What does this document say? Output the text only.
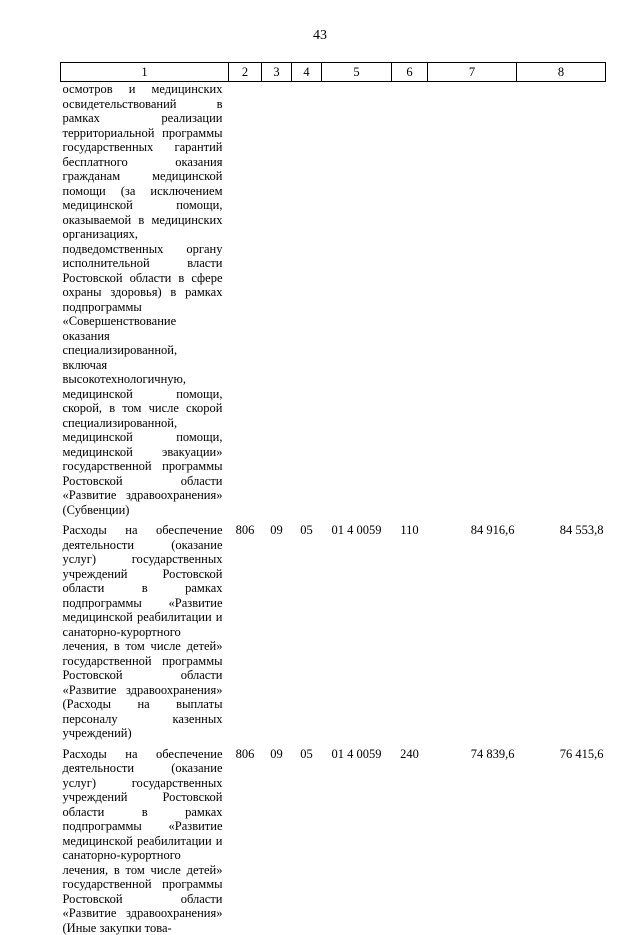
43
1	2	3	4	5	6	7	8
осмотров и медицинских освидетельствований в рамках реализации территориальной программы государственных гарантий бесплатного оказания гражданам медицинской помощи (за исключением медицинской помощи, оказываемой в медицинских организациях, подведомственных органу исполнительной власти Ростовской области в сфере охраны здоровья) в рамках подпрограммы «Совершенствование оказания специализированной, включая высокотехнологичную, медицинской помощи, скорой, в том числе скорой специализированной, медицинской помощи, медицинской эвакуации» государственной программы Ростовской области «Развитие здравоохранения» (Субвенции)							
Расходы на обеспечение деятельности (оказание услуг) государственных учреждений Ростовской области в рамках подпрограммы «Развитие медицинской реабилитации и санаторно-курортного лечения, в том числе детей» государственной программы Ростовской области «Развитие здравоохранения» (Расходы на выплаты персоналу казенных учреждений)	806	09	05	01 4 0059	110	84 916,6	84 553,8
Расходы на обеспечение деятельности (оказание услуг) государственных учреждений Ростовской области в рамках подпрограммы «Развитие медицинской реабилитации и санаторно-курортного лечения, в том числе детей» государственной программы Ростовской области «Развитие здравоохранения» (Иные закупки това-	806	09	05	01 4 0059	240	74 839,6	76 415,6
